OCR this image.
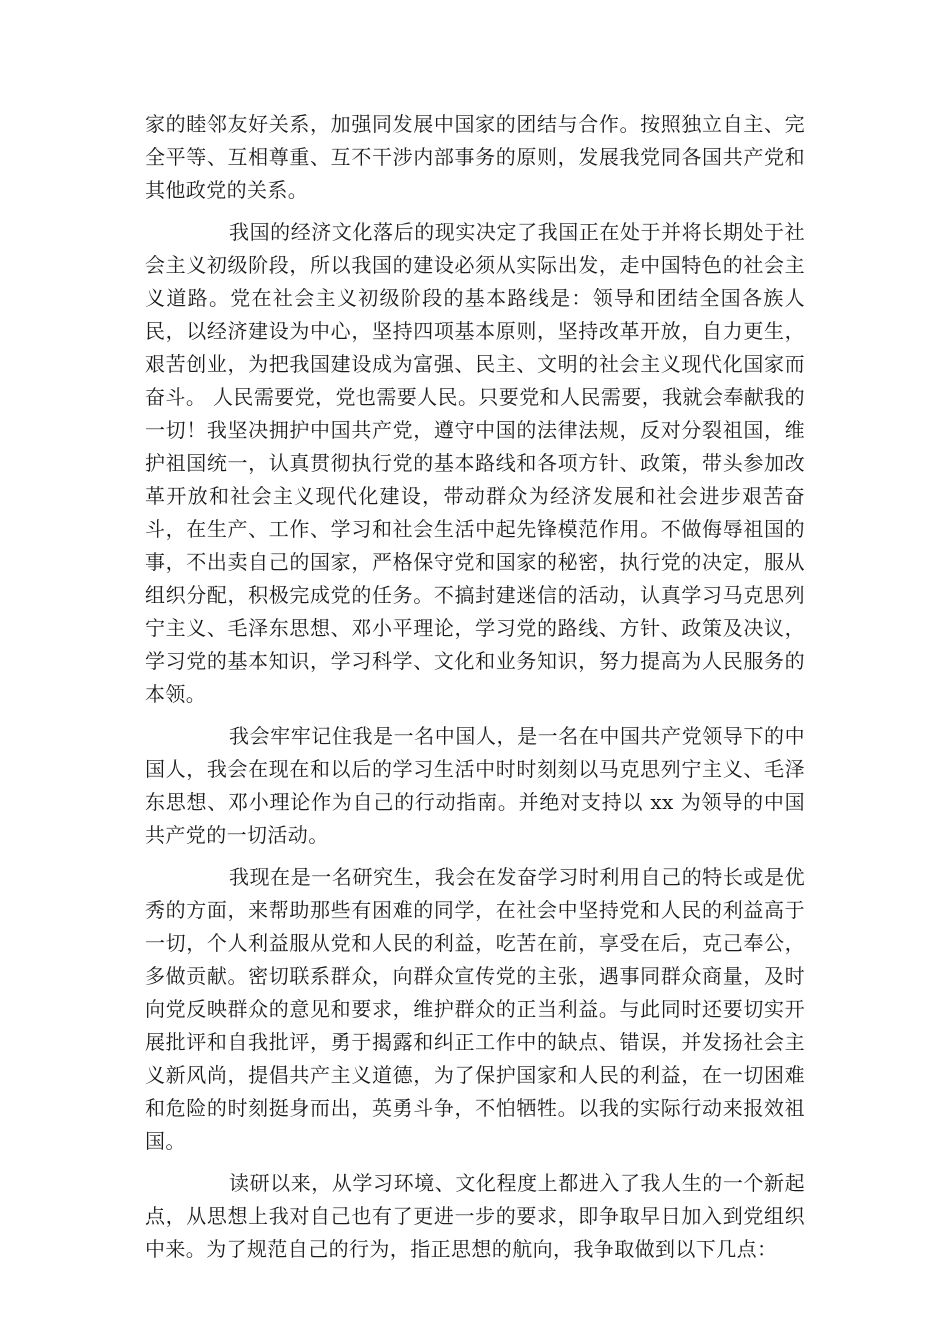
家的睦邻友好关系，加强同发展中国家的团结与合作。按照独立自主、完全平等、互相尊重、互不干涉内部事务的原则，发展我党同各国共产党和其他政党的关系。

我国的经济文化落后的现实决定了我国正在处于并将长期处于社会主义初级阶段，所以我国的建设必须从实际出发，走中国特色的社会主义道路。党在社会主义初级阶段的基本路线是：领导和团结全国各族人民，以经济建设为中心，坚持四项基本原则，坚持改革开放，自力更生，艰苦创业，为把我国建设成为富强、民主、文明的社会主义现代化国家而奋斗。 人民需要党，党也需要人民。只要党和人民需要，我就会奉献我的一切！我坚决拥护中国共产党，遵守中国的法律法规，反对分裂祖国，维护祖国统一，认真贯彻执行党的基本路线和各项方针、政策，带头参加改革开放和社会主义现代化建设，带动群众为经济发展和社会进步艰苦奋斗，在生产、工作、学习和社会生活中起先锋模范作用。不做侮辱祖国的事，不出卖自己的国家，严格保守党和国家的秘密，执行党的决定，服从组织分配，积极完成党的任务。不搞封建迷信的活动，认真学习马克思列宁主义、毛泽东思想、邓小平理论，学习党的路线、方针、政策及决议，学习党的基本知识，学习科学、文化和业务知识，努力提高为人民服务的本领。

我会牢牢记住我是一名中国人，是一名在中国共产党领导下的中国人，我会在现在和以后的学习生活中时时刻刻以马克思列宁主义、毛泽东思想、邓小理论作为自己的行动指南。并绝对支持以 xx 为领导的中国共产党的一切活动。

我现在是一名研究生，我会在发奋学习时利用自己的特长或是优秀的方面，来帮助那些有困难的同学，在社会中坚持党和人民的利益高于一切，个人利益服从党和人民的利益，吃苦在前，享受在后，克己奉公，多做贡献。密切联系群众，向群众宣传党的主张，遇事同群众商量，及时向党反映群众的意见和要求，维护群众的正当利益。与此同时还要切实开展批评和自我批评，勇于揭露和纠正工作中的缺点、错误，并发扬社会主义新风尚，提倡共产主义道德，为了保护国家和人民的利益，在一切困难和危险的时刻挺身而出，英勇斗争，不怕牺牲。以我的实际行动来报效祖国。

读研以来，从学习环境、文化程度上都进入了我人生的一个新起点，从思想上我对自己也有了更进一步的要求，即争取早日加入到党组织中来。为了规范自己的行为，指正思想的航向，我争取做到以下几点：
